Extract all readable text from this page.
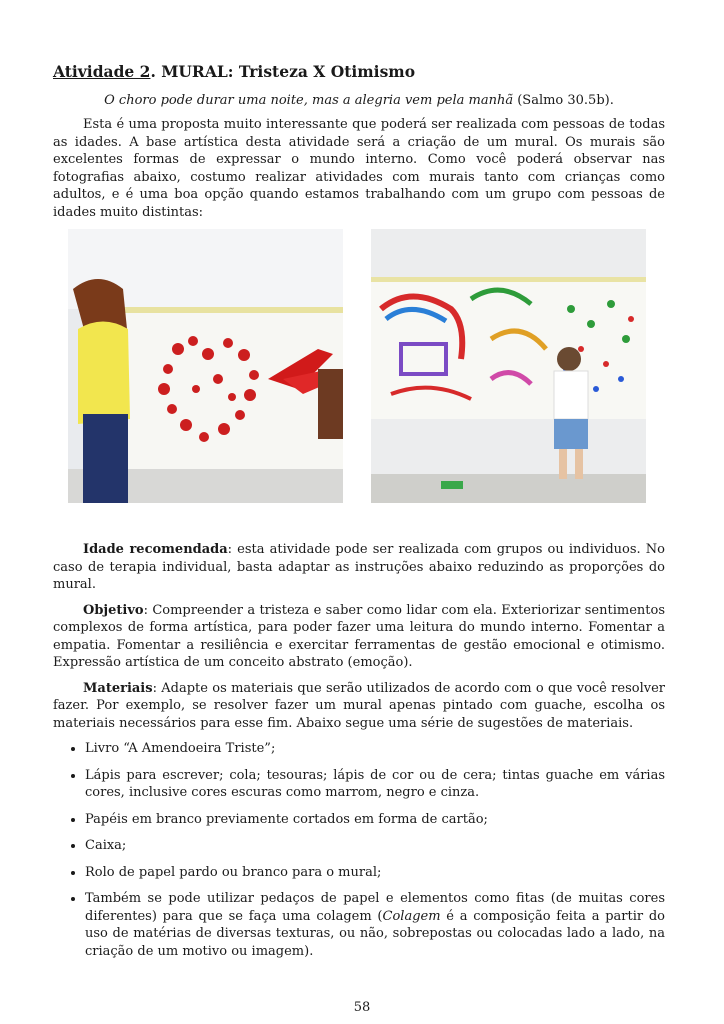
Atividade 2. MURAL: Tristeza X Otimismo
O choro pode durar uma noite, mas a alegria vem pela manhã (Salmo 30.5b).

Esta é uma proposta muito interessante que poderá ser realizada com pessoas de todas as idades. A base artística desta atividade será a criação de um mural. Os murais são excelentes formas de expressar o mundo interno. Como você poderá observar nas fotografias abaixo, costumo realizar atividades com murais tanto com crianças como adultos, e é uma boa opção quando estamos trabalhando com um grupo com pessoas de idades muito distintas:

Idade recomendada: esta atividade pode ser realizada com grupos ou individuos. No caso de terapia individual, basta adaptar as instruções abaixo reduzindo as proporções do mural.

Objetivo: Compreender a tristeza e saber como lidar com ela. Exteriorizar sentimentos complexos de forma artística, para poder fazer uma leitura do mundo interno. Fomentar a empatia. Fomentar a resiliência e exercitar ferramentas de gestão emocional e otimismo. Expressão artística de um conceito abstrato (emoção).

Materiais: Adapte os materiais que serão utilizados de acordo com o que você resolver fazer. Por exemplo, se resolver fazer um mural apenas pintado com guache, escolha os materiais necessários para esse fim. Abaixo segue uma série de sugestões de materiais.

• Livro “A Amendoeira Triste”;
• Lápis para escrever; cola; tesouras; lápis de cor ou de cera; tintas guache em várias cores, inclusive cores escuras como marrom, negro e cinza.
• Papéis em branco previamente cortados em forma de cartão;
• Caixa;
• Rolo de papel pardo ou branco para o mural;
• Também se pode utilizar pedaços de papel e elementos como fitas (de muitas cores diferentes) para que se faça uma colagem (Colagem é a composição feita a partir do uso de matérias de diversas texturas, ou não, sobrepostas ou colocadas lado a lado, na criação de um motivo ou imagem).
58
